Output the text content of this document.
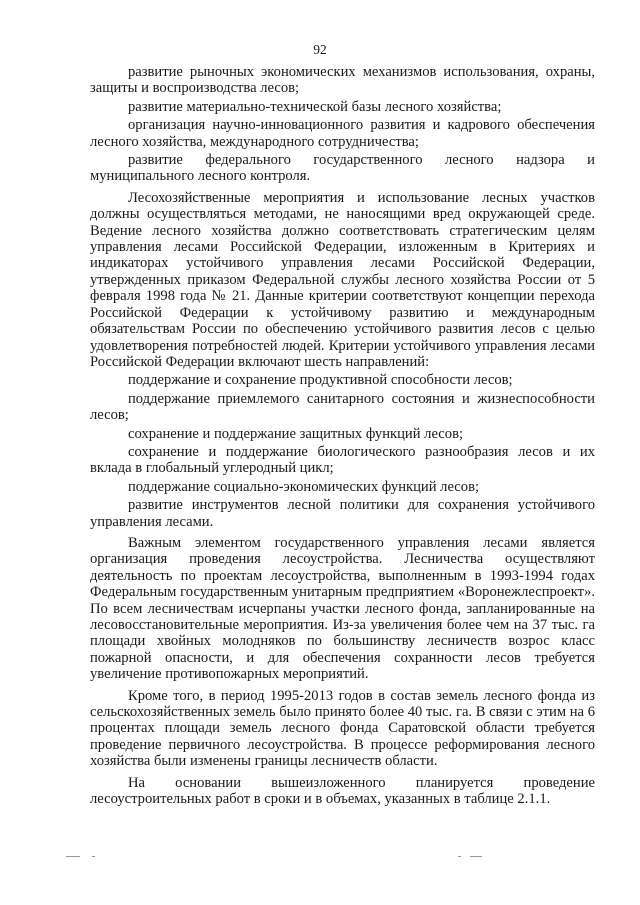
92

развитие рыночных экономических механизмов использования, охраны, защиты и воспроизводства лесов;

развитие материально-технической базы лесного хозяйства;

организация научно-инновационного развития и кадрового обеспечения лесного хозяйства, международного сотрудничества;

развитие федерального государственного лесного надзора и муниципального лесного контроля.

Лесохозяйственные мероприятия и использование лесных участков должны осуществляться методами, не наносящими вред окружающей среде. Ведение лесного хозяйства должно соответствовать стратегическим целям управления лесами Российской Федерации, изложенным в Критериях и индикаторах устойчивого управления лесами Российской Федерации, утвержденных приказом Федеральной службы лесного хозяйства России от 5 февраля 1998 года № 21. Данные критерии соответствуют концепции перехода Российской Федерации к устойчивому развитию и международным обязательствам России по обеспечению устойчивого развития лесов с целью удовлетворения потребностей людей. Критерии устойчивого управления лесами Российской Федерации включают шесть направлений:

поддержание и сохранение продуктивной способности лесов;

поддержание приемлемого санитарного состояния и жизнеспособности лесов;

сохранение и поддержание защитных функций лесов;

сохранение и поддержание биологического разнообразия лесов и их вклада в глобальный углеродный цикл;

поддержание социально-экономических функций лесов;

развитие инструментов лесной политики для сохранения устойчивого управления лесами.

Важным элементом государственного управления лесами является организация проведения лесоустройства. Лесничества осуществляют деятельность по проектам лесоустройства, выполненным в 1993-1994 годах Федеральным государственным унитарным предприятием «Воронежлеспроект». По всем лесничествам исчерпаны участки лесного фонда, запланированные на лесовосстановительные мероприятия. Из-за увеличения более чем на 37 тыс. га площади хвойных молодняков по большинству лесничеств возрос класс пожарной опасности, и для обеспечения сохранности лесов требуется увеличение противопожарных мероприятий.

Кроме того, в период 1995-2013 годов в состав земель лесного фонда из сельскохозяйственных земель было принято более 40 тыс. га. В связи с этим на 6 процентах площади земель лесного фонда Саратовской области требуется проведение первичного лесоустройства. В процессе реформирования лесного хозяйства были изменены границы лесничеств области.

На основании вышеизложенного планируется проведение лесоустроительных работ в сроки и в объемах, указанных в таблице 2.1.1.
